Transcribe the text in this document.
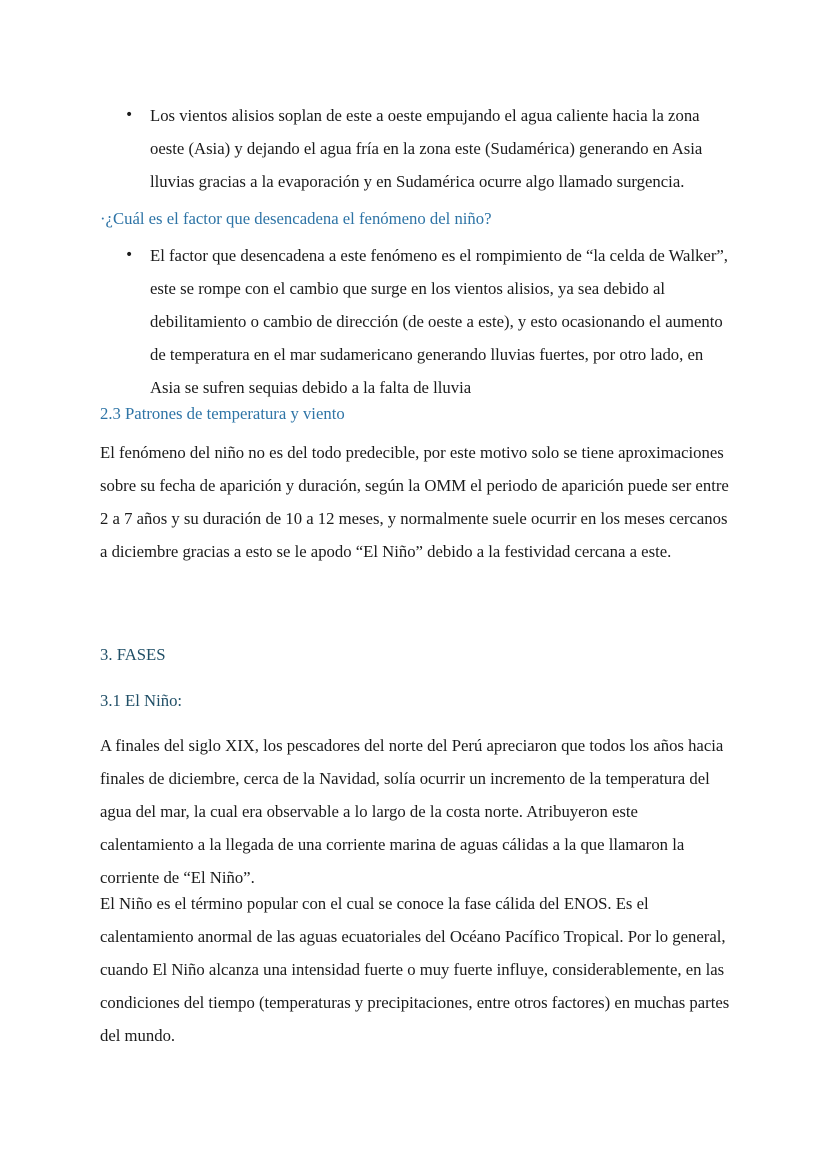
• Los vientos alisios soplan de este a oeste empujando el agua caliente hacia la zona oeste (Asia) y dejando el agua fría en la zona este (Sudamérica) generando en Asia lluvias gracias a la evaporación y en Sudamérica ocurre algo llamado surgencia.
·¿Cuál es el factor que desencadena el fenómeno del niño?
• El factor que desencadena a este fenómeno es el rompimiento de “la celda de Walker”, este se rompe con el cambio que surge en los vientos alisios, ya sea debido al debilitamiento o cambio de dirección (de oeste a este), y esto ocasionando el aumento de temperatura en el mar sudamericano generando lluvias fuertes, por otro lado, en Asia se sufren sequias debido a la falta de lluvia
2.3 Patrones de temperatura y viento
El fenómeno del niño no es del todo predecible, por este motivo solo se tiene aproximaciones sobre su fecha de aparición y duración, según la OMM el periodo de aparición puede ser entre 2 a 7 años y su duración de 10 a 12 meses, y normalmente suele ocurrir en los meses cercanos a diciembre gracias a esto se le apodo “El Niño” debido a la festividad cercana a este.
3. FASES
3.1 El Niño:
A finales del siglo XIX, los pescadores del norte del Perú apreciaron que todos los años hacia finales de diciembre, cerca de la Navidad, solía ocurrir un incremento de la temperatura del agua del mar, la cual era observable a lo largo de la costa norte. Atribuyeron este calentamiento a la llegada de una corriente marina de aguas cálidas a la que llamaron la corriente de “El Niño”.
El Niño es el término popular con el cual se conoce la fase cálida del ENOS. Es el calentamiento anormal de las aguas ecuatoriales del Océano Pacífico Tropical. Por lo general, cuando El Niño alcanza una intensidad fuerte o muy fuerte influye, considerablemente, en las condiciones del tiempo (temperaturas y precipitaciones, entre otros factores) en muchas partes del mundo.
